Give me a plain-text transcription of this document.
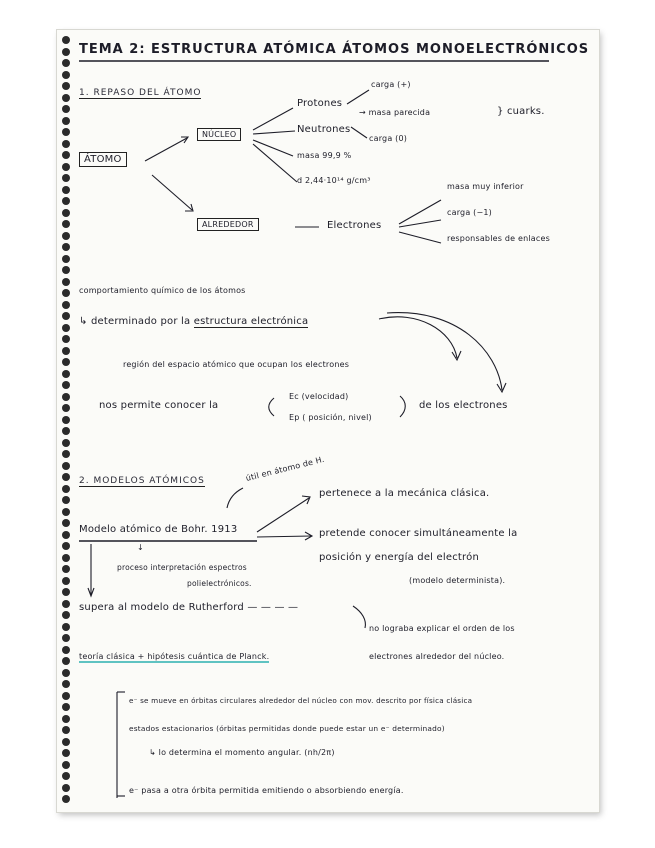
TEMA 2: ESTRUCTURA ATÓMICA ÁTOMOS MONOELECTRÓNICOS
1. REPASO DEL ÁTOMO
ÁTOMO
NÚCLEO
Protones
Neutrones
carga (+)
carga (0)
→ masa parecida	} cuarks.
masa 99,9 %
d 2,44·10¹⁴ g/cm³
ALREDEDOR	Electrones
masa muy inferior
carga (−1)
responsables de enlaces
comportamiento químico de los átomos
↳ determinado por la estructura electrónica
región del espacio atómico que ocupan los electrones
nos permite conocer la
Ec (velocidad)
Ep ( posición, nivel)
de los electrones
2. MODELOS ATÓMICOS	útil en átomo de H.
Modelo atómico de Bohr. 1913
pertenece a la mecánica clásica.
pretende conocer simultáneamente la
posición y energía del electrón
(modelo determinista).
↓
proceso interpretación espectros
polielectrónicos.
supera al modelo de Rutherford — — — —
no lograba explicar el orden de los
electrones alrededor del núcleo.
teoría clásica + hipótesis cuántica de Planck.
e⁻ se mueve en órbitas circulares alrededor del núcleo con mov. descrito por física clásica
estados estacionarios (órbitas permitidas donde puede estar un e⁻ determinado)
↳ lo determina el momento angular. (nh/2π)
e⁻ pasa a otra órbita permitida emitiendo o absorbiendo energía.
